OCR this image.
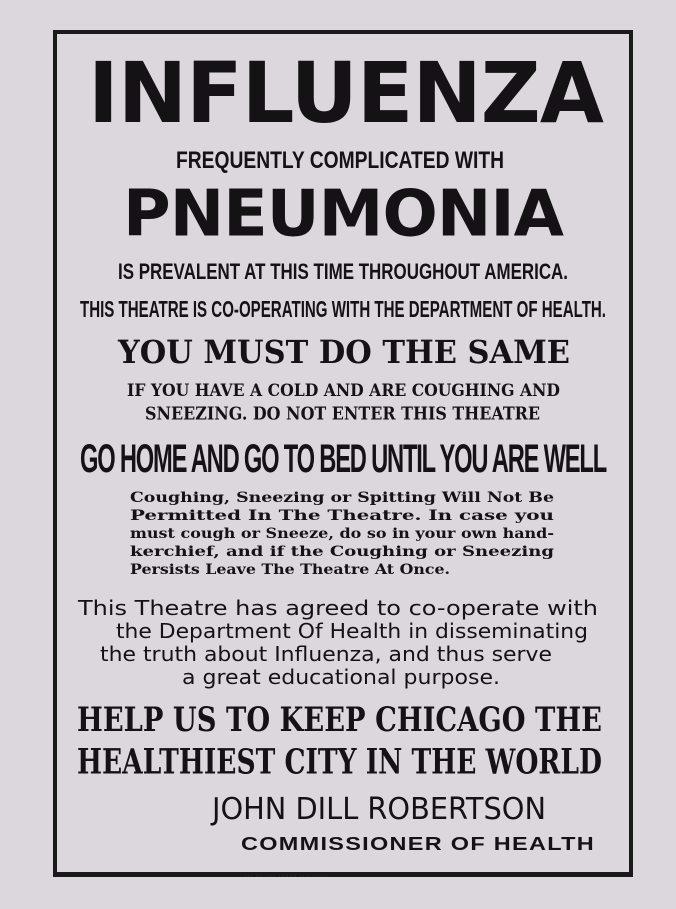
INFLUENZA
FREQUENTLY COMPLICATED WITH
PNEUMONIA
IS PREVALENT AT THIS TIME THROUGHOUT AMERICA.
THIS THEATRE IS CO-OPERATING WITH THE DEPARTMENT OF HEALTH.
YOU MUST DO THE SAME
IF YOU HAVE A COLD AND ARE COUGHING AND
SNEEZING. DO NOT ENTER THIS THEATRE
GO HOME AND GO TO BED UNTIL YOU ARE WELL
Coughing, Sneezing or Spitting Will Not Be
Permitted In The Theatre. In case you
must cough or Sneeze, do so in your own hand-
kerchief, and if the Coughing or Sneezing
Persists Leave The Theatre At Once.
This Theatre has agreed to co-operate with
the Department Of Health in disseminating
the truth about Influenza, and thus serve
a great educational purpose.
HELP US TO KEEP CHICAGO THE
HEALTHIEST CITY IN THE WORLD
JOHN DILL ROBERTSON
COMMISSIONER OF HEALTH
··· ··· ···· ······· ···· ······
